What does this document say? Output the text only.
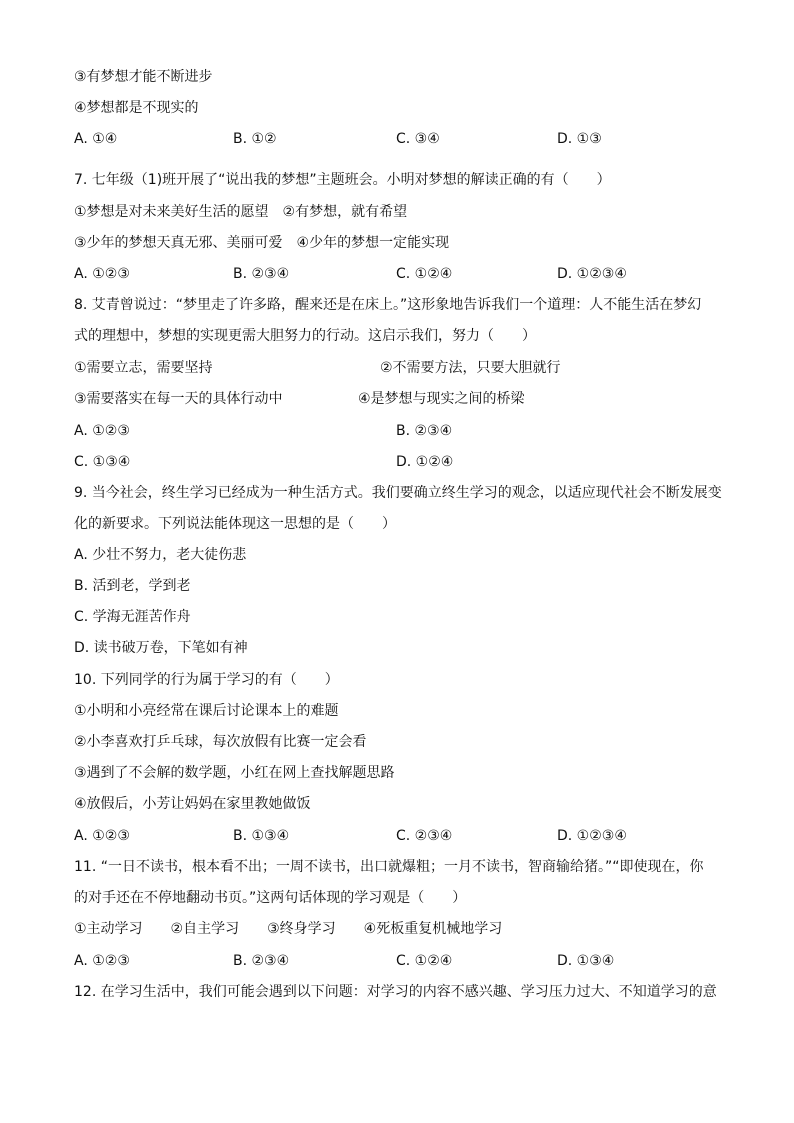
③有梦想才能不断进步
④梦想都是不现实的
A. ①④	B. ①②	C. ③④	D. ①③
7. 七年级（1)班开展了“说出我的梦想”主题班会。小明对梦想的解读正确的有（　　）
①梦想是对未来美好生活的愿望　②有梦想，就有希望
③少年的梦想天真无邪、美丽可爱　④少年的梦想一定能实现
A. ①②③	B. ②③④	C. ①②④	D. ①②③④
8. 艾青曾说过：“梦里走了许多路，醒来还是在床上。”这形象地告诉我们一个道理：人不能生活在梦幻
式的理想中，梦想的实现更需大胆努力的行动。这启示我们，努力（　　）
①需要立志，需要坚持	②不需要方法，只要大胆就行
③需要落实在每一天的具体行动中	④是梦想与现实之间的桥梁
A. ①②③	B. ②③④
C. ①③④	D. ①②④
9. 当今社会，终生学习已经成为一种生活方式。我们要确立终生学习的观念，以适应现代社会不断发展变
化的新要求。下列说法能体现这一思想的是（　　）
A. 少壮不努力，老大徒伤悲
B. 活到老，学到老
C. 学海无涯苦作舟
D. 读书破万卷，下笔如有神
10. 下列同学的行为属于学习的有（　　）
①小明和小亮经常在课后讨论课本上的难题
②小李喜欢打乒乓球，每次放假有比赛一定会看
③遇到了不会解的数学题，小红在网上查找解题思路
④放假后，小芳让妈妈在家里教她做饭
A. ①②③	B. ①③④	C. ②③④	D. ①②③④
11. “一日不读书，根本看不出；一周不读书，出口就爆粗；一月不读书，智商输给猪。”“即使现在，你
的对手还在不停地翻动书页。”这两句话体现的学习观是（　　）
①主动学习　　②自主学习　　③终身学习　　④死板重复机械地学习
A. ①②③	B. ②③④	C. ①②④	D. ①③④
12. 在学习生活中，我们可能会遇到以下问题：对学习的内容不感兴趣、学习压力过大、不知道学习的意
